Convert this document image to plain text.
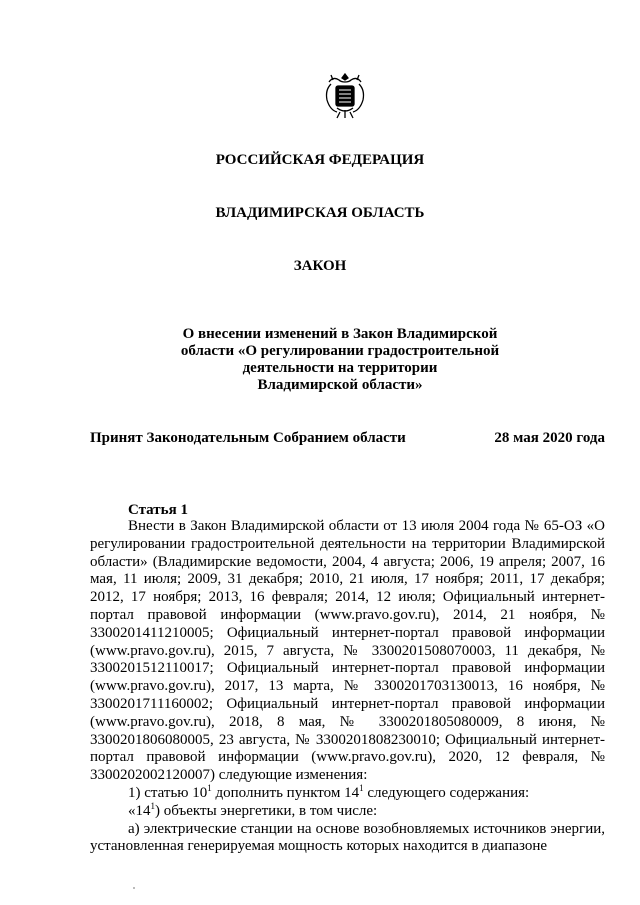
РОССИЙСКАЯ ФЕДЕРАЦИЯ
ВЛАДИМИРСКАЯ ОБЛАСТЬ
ЗАКОН
О внесении изменений в Закон Владимирской
области «О регулировании градостроительной
деятельности на территории
Владимирской области»
Принят Законодательным Собранием области	28 мая 2020 года
Статья 1

Внести в Закон Владимирской области от 13 июля 2004 года № 65-ОЗ «О регулировании градостроительной деятельности на территории Владимирской области» (Владимирские ведомости, 2004, 4 августа; 2006, 19 апреля; 2007, 16 мая, 11 июля; 2009, 31 декабря; 2010, 21 июля, 17 ноября; 2011, 17 декабря; 2012, 17 ноября; 2013, 16 февраля; 2014, 12 июля; Официальный интернет-портал правовой информации (www.pravo.gov.ru), 2014, 21 ноября, № 3300201411210005; Официальный интернет-портал правовой информации (www.pravo.gov.ru), 2015, 7 августа, № 3300201508070003, 11 декабря, № 3300201512110017; Официальный интернет-портал правовой информации (www.pravo.gov.ru), 2017, 13 марта, № 3300201703130013, 16 ноября, № 3300201711160002; Официальный интернет-портал правовой информации (www.pravo.gov.ru), 2018, 8 мая, № 3300201805080009, 8 июня, № 3300201806080005, 23 августа, № 3300201808230010; Официальный интернет-портал правовой информации (www.pravo.gov.ru), 2020, 12 февраля, № 3300202002120007) следующие изменения:

1) статью $10^1$ дополнить пунктом $14^1$ следующего содержания:

«$14^1$) объекты энергетики, в том числе:

а) электрические станции на основе возобновляемых источников энергии, установленная генерируемая мощность которых находится в диапазоне
